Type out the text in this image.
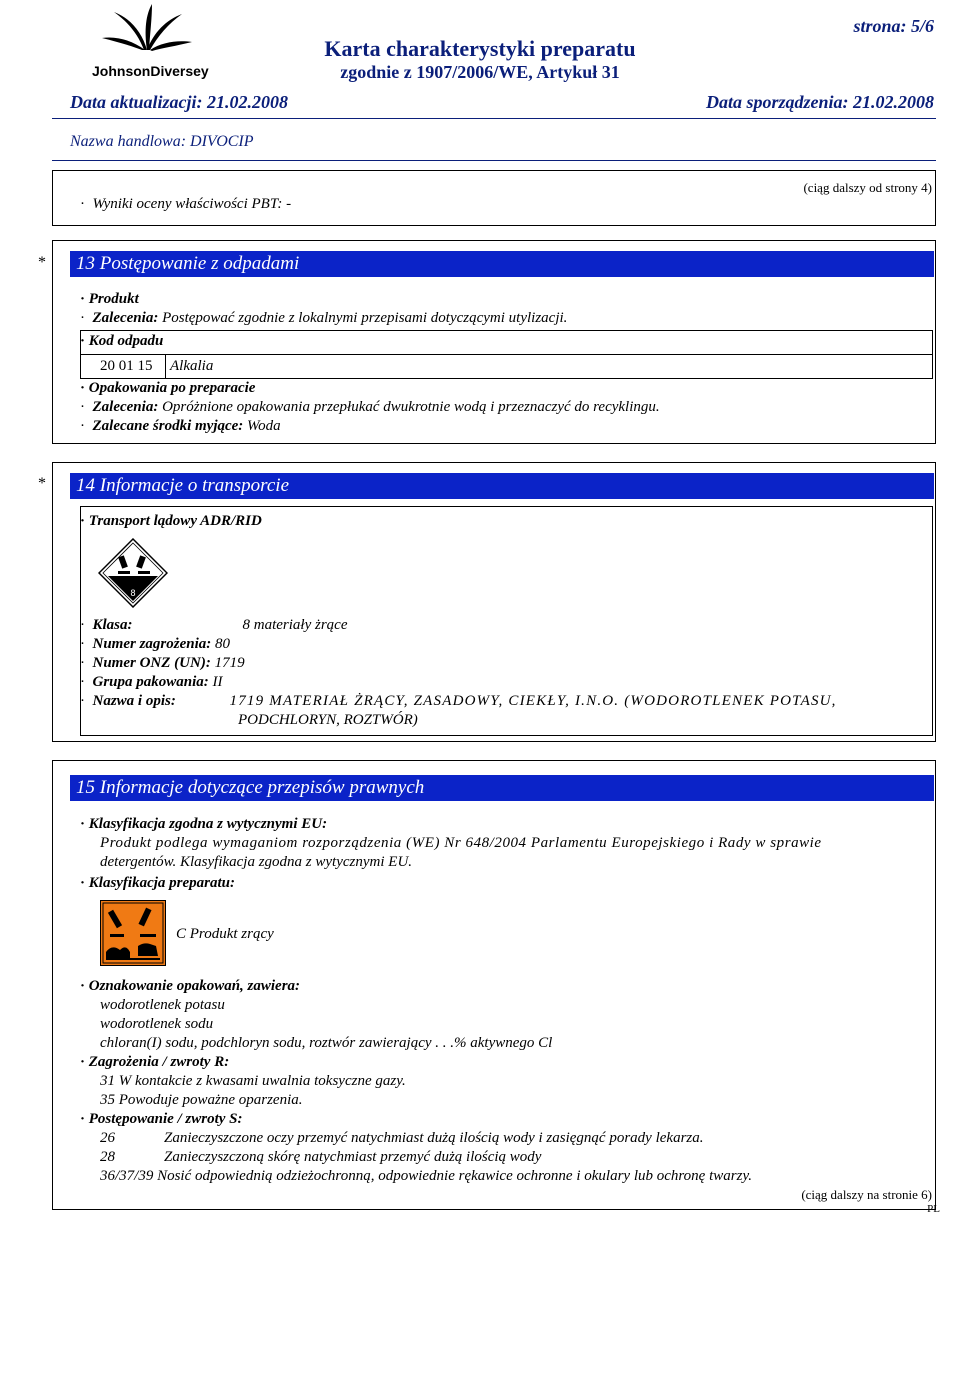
JohnsonDiversey
Karta charakterystyki preparatu
zgodnie z 1907/2006/WE, Artykuł 31
strona: 5/6
Data aktualizacji: 21.02.2008	Data sporządzenia: 21.02.2008
Nazwa handlowa: DIVOCIP
· Wyniki oceny właściwości PBT: -
(ciąg dalszy od strony 4)
*	13 Postępowanie z odpadami
· Produkt
· Zalecenia: Postępować zgodnie z lokalnymi przepisami dotyczącymi utylizacji.
· Kod odpadu
20 01 15 Alkalia
· Opakowania po preparacie
· Zalecenia: Opróżnione opakowania przepłukać dwukrotnie wodą i przeznaczyć do recyklingu.
· Zalecane środki myjące: Woda
*	14 Informacje o transporcie
· Transport lądowy ADR/RID
8
· Klasa:	8 materiały żrące
· Numer zagrożenia: 80
· Numer ONZ (UN): 1719
· Grupa pakowania: II
· Nazwa i opis:	1719 MATERIAŁ ŻRĄCY, ZASADOWY, CIEKŁY, I.N.O. (WODOROTLENEK POTASU,
PODCHLORYN, ROZTWÓR)
15 Informacje dotyczące przepisów prawnych
· Klasyfikacja zgodna z wytycznymi EU:
Produkt podlega wymaganiom rozporządzenia (WE) Nr 648/2004 Parlamentu Europejskiego i Rady w sprawie
detergentów. Klasyfikacja zgodna z wytycznymi EU.
· Klasyfikacja preparatu:
C Produkt zrący
· Oznakowanie opakowań, zawiera:
wodorotlenek potasu
wodorotlenek sodu
chloran(I) sodu, podchloryn sodu, roztwór zawierający . . .% aktywnego Cl
· Zagrożenia / zwroty R:
31 W kontakcie z kwasami uwalnia toksyczne gazy.
35 Powoduje poważne oparzenia.
· Postępowanie / zwroty S:
26	Zanieczyszczone oczy przemyć natychmiast dużą ilością wody i zasięgnąć porady lekarza.
28	Zanieczyszczoną skórę natychmiast przemyć dużą ilością wody
36/37/39 Nosić odpowiednią odzieżochronną, odpowiednie rękawice ochronne i okulary lub ochronę twarzy.
(ciąg dalszy na stronie 6)
PL
